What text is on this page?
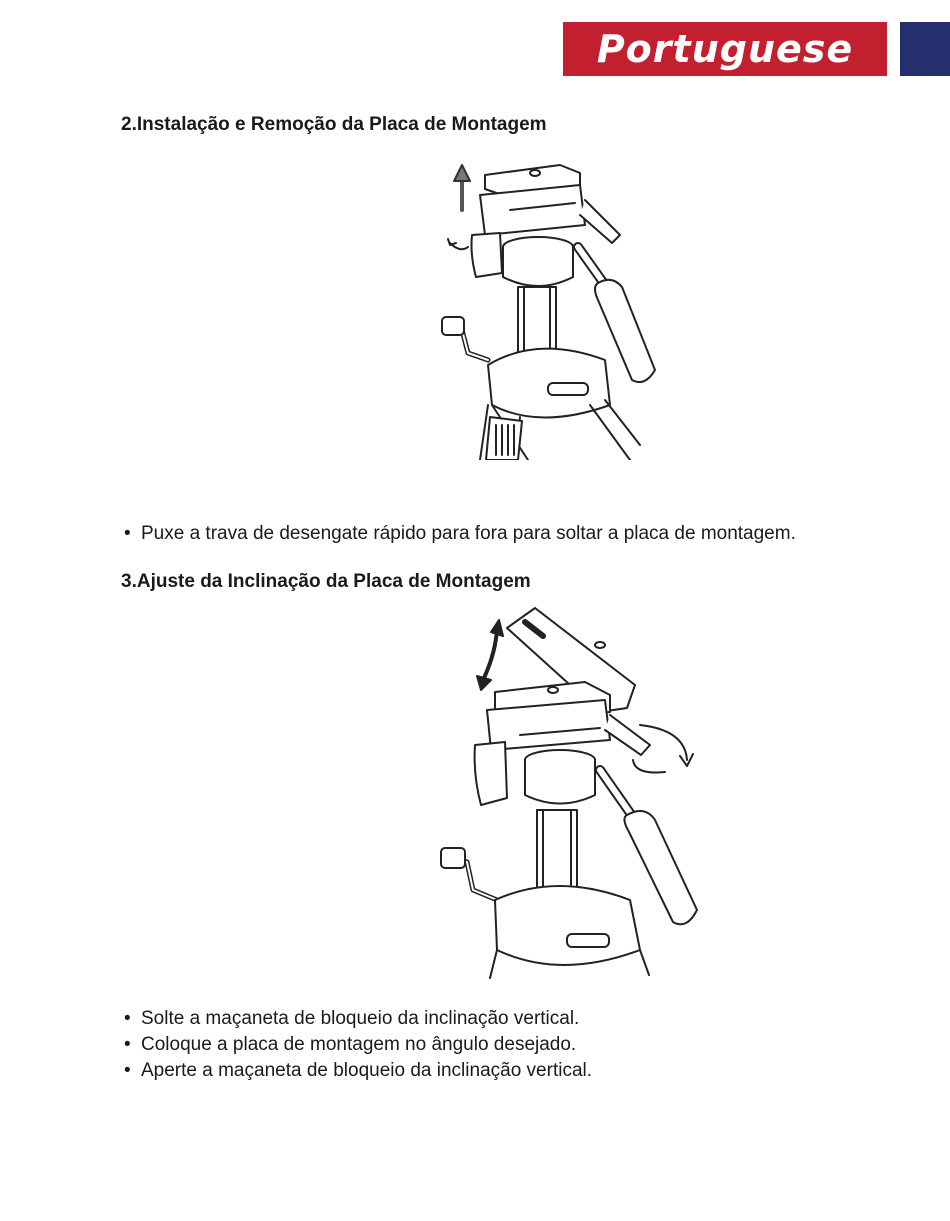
Portuguese
2.Instalação e Remoção da Placa de Montagem
• Puxe a trava de desengate rápido para fora para soltar a placa de montagem.
3.Ajuste da Inclinação da Placa de Montagem
• Solte a maçaneta de bloqueio da inclinação vertical.
• Coloque a placa de montagem no ângulo desejado.
• Aperte a maçaneta de bloqueio da inclinação vertical.
